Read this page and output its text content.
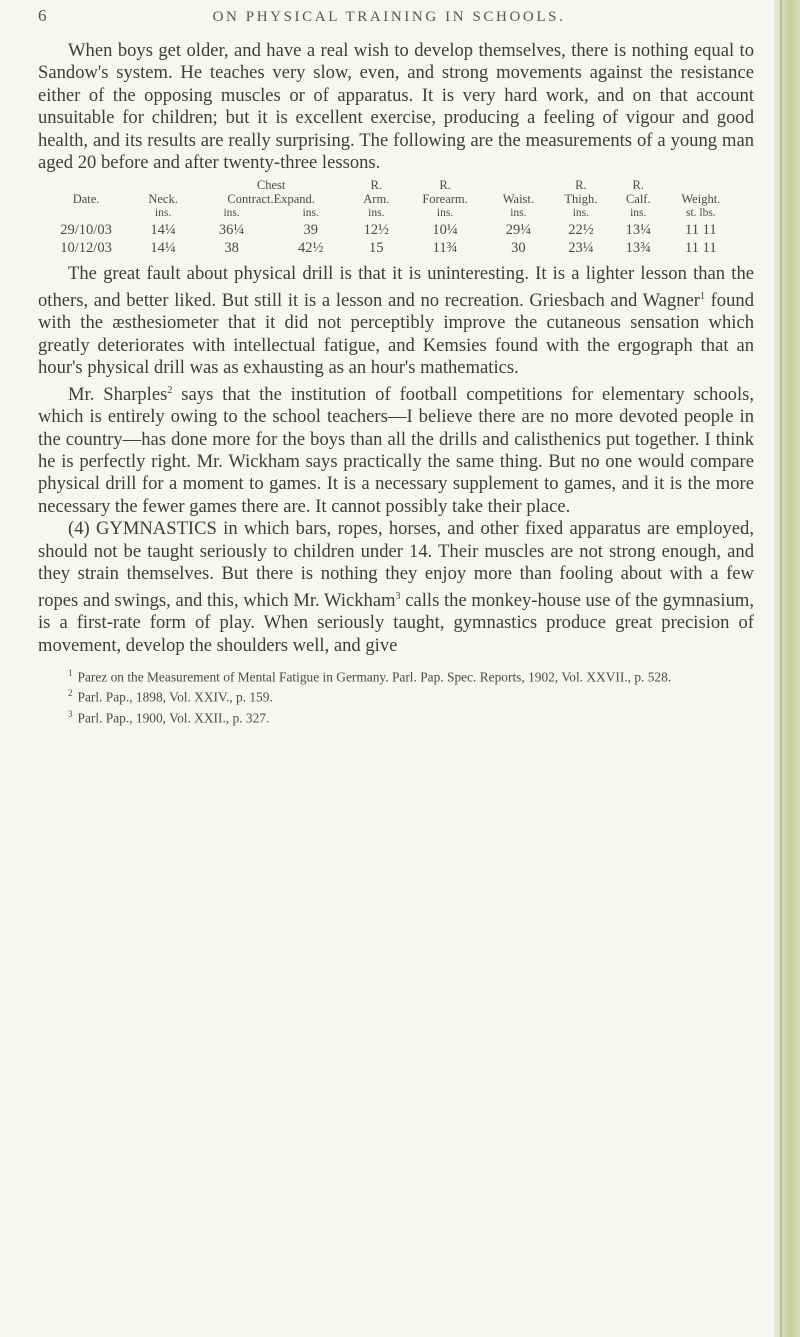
6	ON PHYSICAL TRAINING IN SCHOOLS.

When boys get older, and have a real wish to develop themselves, there is nothing equal to Sandow's system. He teaches very slow, even, and strong movements against the resistance either of the opposing muscles or of apparatus. It is very hard work, and on that account unsuitable for children; but it is excellent exercise, producing a feeling of vigour and good health, and its results are really surprising. The following are the measurements of a young man aged 20 before and after twenty-three lessons.

		Chest		R.	R.		R.	R.	
Date.	Neck.	Contract.Expand.		Arm.	Forearm.	Waist.	Thigh.	Calf.	Weight.
	ins.	ins.	ins.	ins.	ins.	ins.	ins.	ins.	st. lbs.
29/10/03	14¼	36¼	39	12½	10¼	29¼	22½	13¼	11 11
10/12/03	14¼	38	42½	15	11¾	30	23¼	13¾	11 11

The great fault about physical drill is that it is uninteresting. It is a lighter lesson than the others, and better liked. But still it is a lesson and no recreation. Griesbach and Wagner$^1$ found with the æsthesiometer that it did not perceptibly improve the cutaneous sensation which greatly deteriorates with intellectual fatigue, and Kemsies found with the ergograph that an hour's physical drill was as exhausting as an hour's mathematics.

Mr. Sharples$^2$ says that the institution of football competitions for elementary schools, which is entirely owing to the school teachers—I believe there are no more devoted people in the country—has done more for the boys than all the drills and calisthenics put together. I think he is perfectly right. Mr. Wickham says practically the same thing. But no one would compare physical drill for a moment to games. It is a necessary supplement to games, and it is the more necessary the fewer games there are. It cannot possibly take their place.

(4) GYMNASTICS in which bars, ropes, horses, and other fixed apparatus are employed, should not be taught seriously to children under 14. Their muscles are not strong enough, and they strain themselves. But there is nothing they enjoy more than fooling about with a few ropes and swings, and this, which Mr. Wickham$^3$ calls the monkey-house use of the gymnasium, is a first-rate form of play. When seriously taught, gymnastics produce great precision of movement, develop the shoulders well, and give

$^1$ Parez on the Measurement of Mental Fatigue in Germany. Parl. Pap. Spec. Reports, 1902, Vol. XXVII., p. 528.

$^2$ Parl. Pap., 1898, Vol. XXIV., p. 159.

$^3$ Parl. Pap., 1900, Vol. XXII., p. 327.
